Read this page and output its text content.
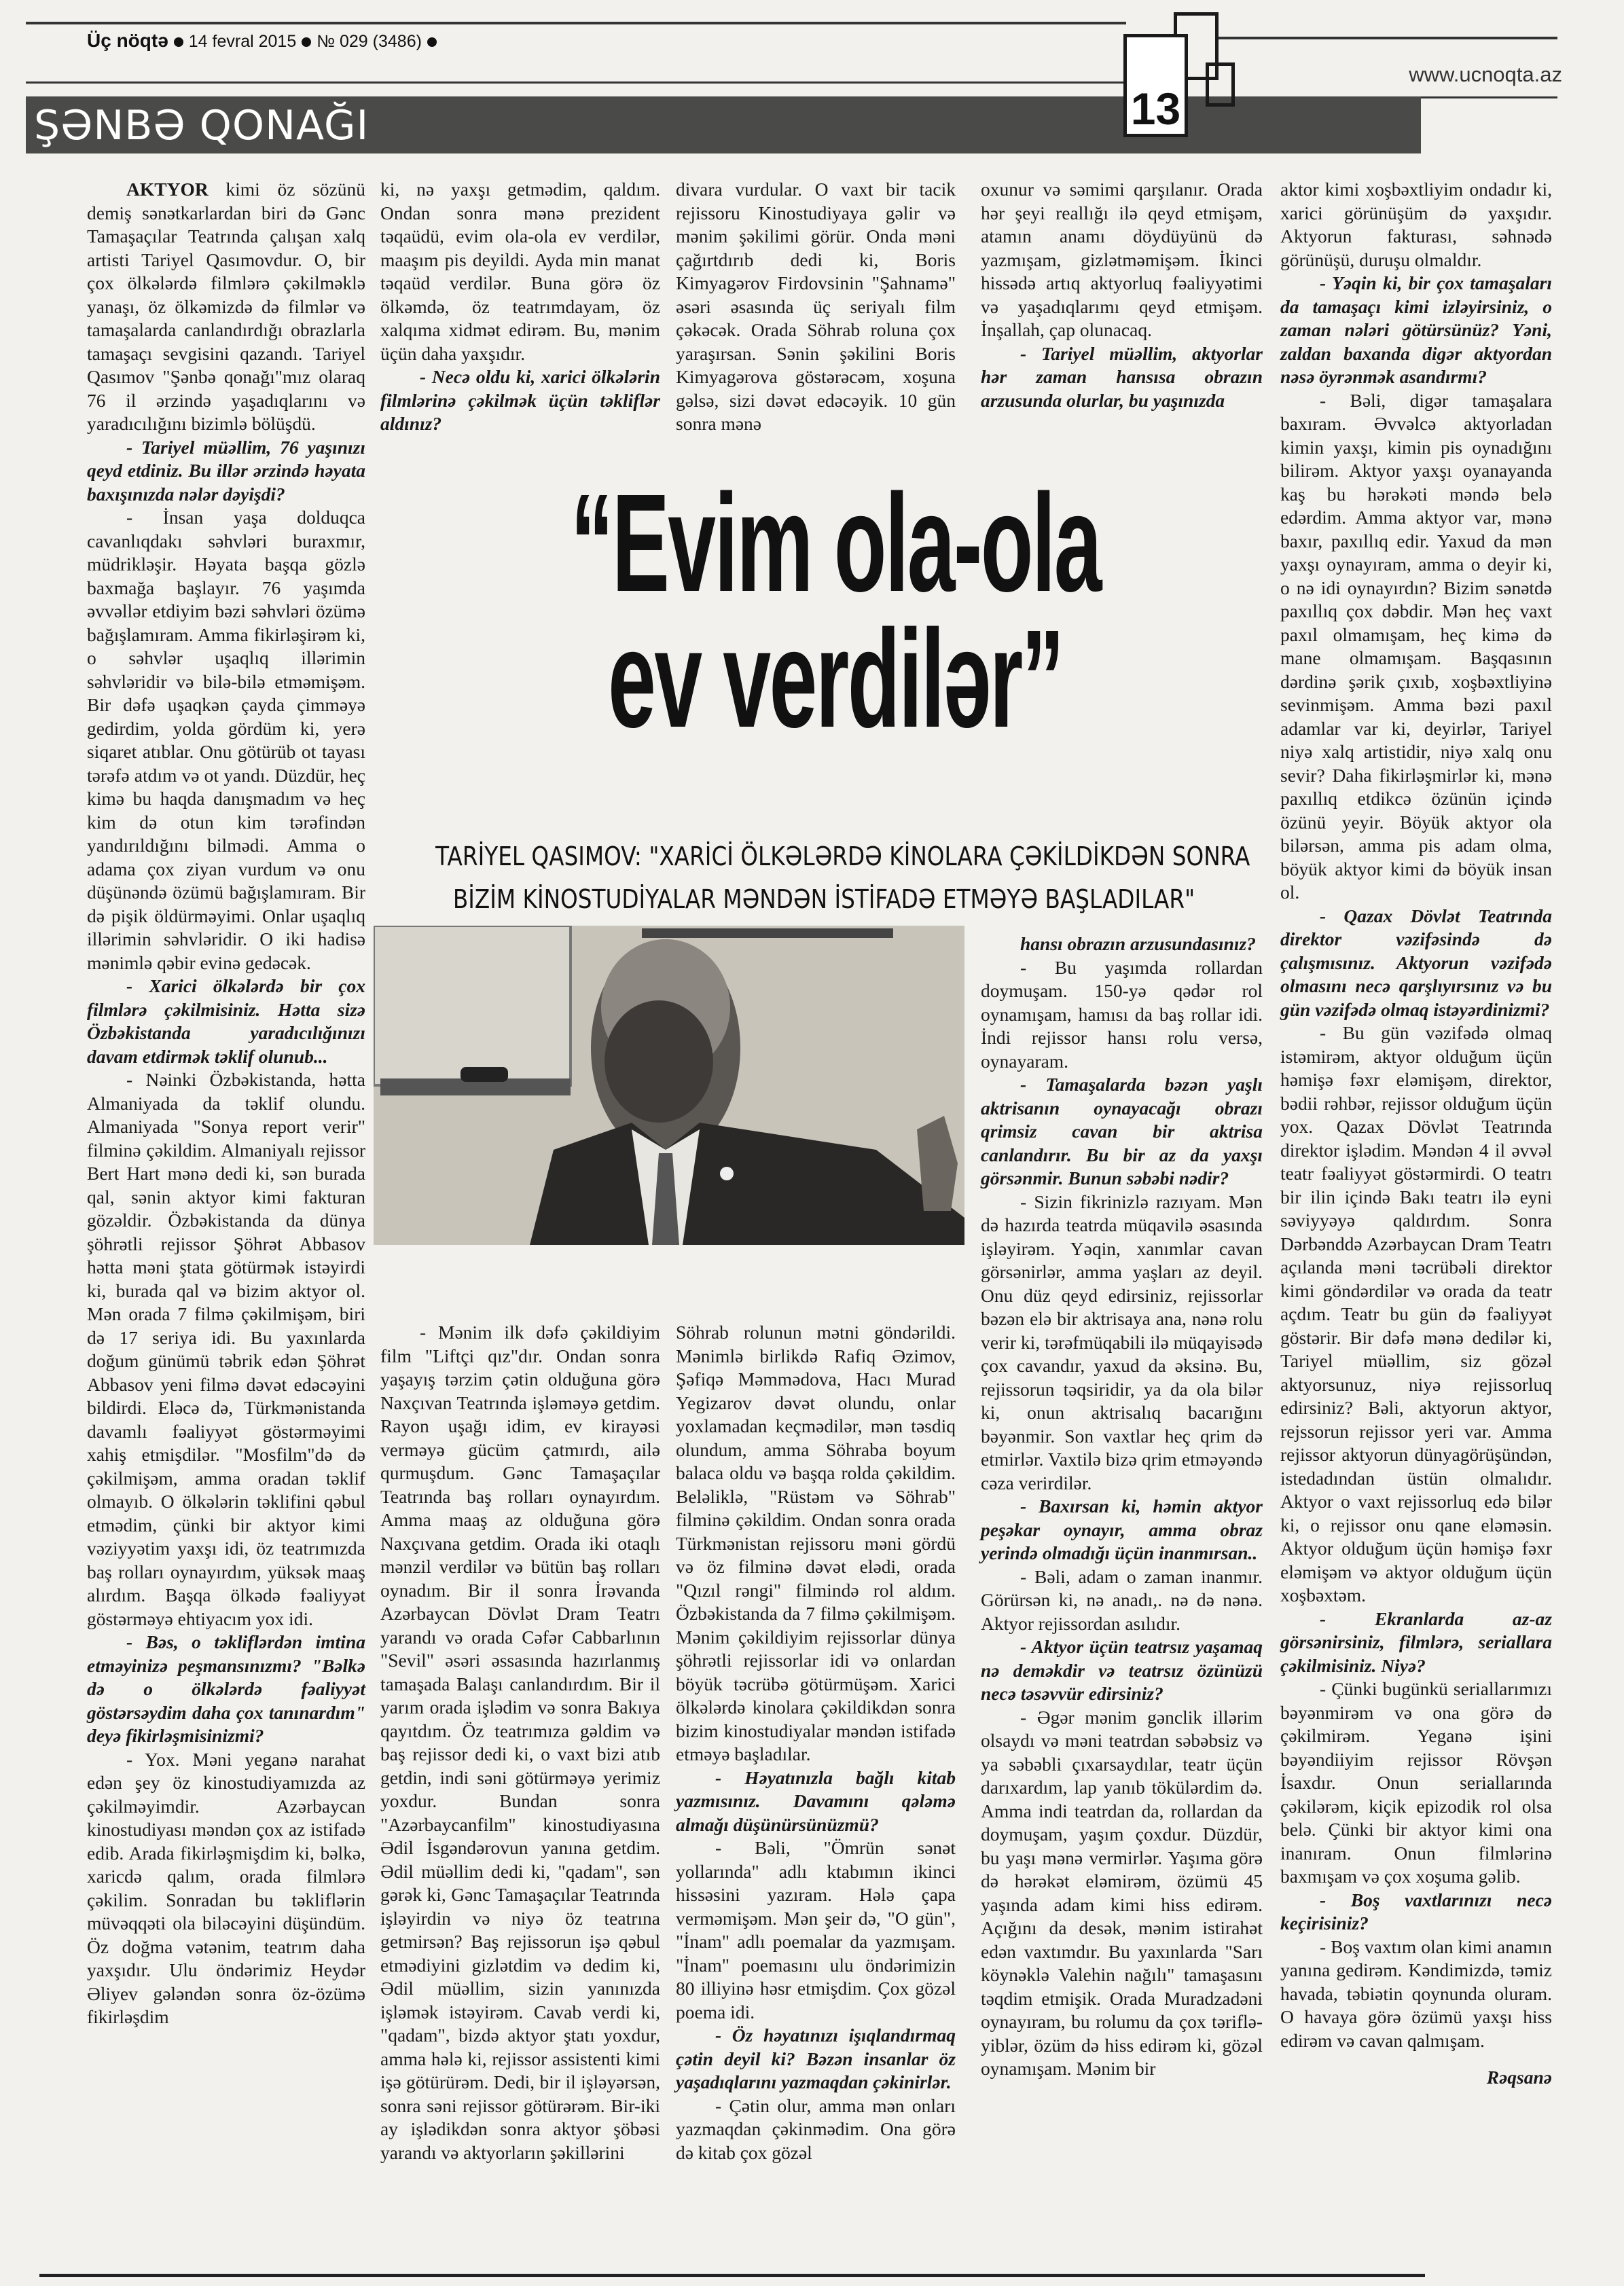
Üç nöqtə 14 fevral 2015 № 029 (3486)
www.ucnoqta.az
ŞƏNBƏ QONAĞI	13

AKTYOR kimi öz sözünü demiş sənətkarlardan biri də Gənc Tamaşaçılar Teatrında çalışan xalq artisti Tariyel Qasımovdur. O, bir çox ölkələrdə filmlərə çəkilməklə yanaşı, öz ölkəmizdə də filmlər və tamaşalarda canlandırdığı obrazlarla tamaşaçı sevgisini qazandı. Tariyel Qasımov "Şənbə qonağı"mız olaraq 76 il ərzində yaşadıqlarını və yaradıcılığını bizimlə bölüşdü.

- Tariyel müəllim, 76 yaşınızı qeyd etdiniz. Bu illər ərzində həyata baxışınızda nələr dəyişdi?

- İnsan yaşa dolduqca cavanlıqdakı səhvləri buraxmır, müdrikləşir. Həyata başqa gözlə baxmağa başlayır. 76 yaşımda əvvəllər etdiyim bəzi səhvləri özümə bağışlamıram. Amma fikirləşirəm ki, o səhvlər uşaqlıq illərimin səhvləridir və bilə-bilə etməmişəm. Bir dəfə uşaqkən çayda çimməyə gedirdim, yolda gördüm ki, yerə siqaret atıblar. Onu götürüb ot tayası tərəfə atdım və ot yandı. Düzdür, heç kimə bu haqda danışmadım və heç kim də otun kim tərəfindən yandırıldığını bilmədi. Amma o adama çox ziyan vurdum və onu düşünəndə özümü bağışlamıram. Bir də pişik öldürməyimi. Onlar uşaqlıq illərimin səhvləridir. O iki hadisə mənimlə qəbir evinə gedəcək.

- Xarici ölkələrdə bir çox filmlərə çəkilmisiniz. Hətta sizə Özbəkistanda yaradıcılığınızı davam etdirmək təklif olunub...

- Nəinki Özbəkistanda, hətta Almaniyada da təklif olundu. Almaniyada "Sonya report verir" filminə çəkildim. Almaniyalı rejissor Bert Hart mənə dedi ki, sən burada qal, sənin aktyor kimi fakturan gözəldir. Özbəkistanda da dünya şöhrətli rejissor Şöhrət Abbasov hətta məni ştata götürmək istəyirdi ki, burada qal və bizim aktyor ol. Mən orada 7 filmə çəkilmişəm, biri də 17 seriya idi. Bu yaxınlarda doğum günümü təbrik edən Şöhrət Abbasov yeni filmə dəvət edəcəyini bildirdi. Eləcə də, Türkmənistanda davamlı fəaliyyət göstərməyimi xahiş etmişdilər. "Mosfilm"də də çəkilmişəm, amma oradan təklif olmayıb. O ölkələrin təklifini qəbul etmədim, çünki bir aktyor kimi vəziyyətim yaxşı idi, öz teatrımızda baş rolları oynayırdım, yüksək maaş alırdım. Başqa ölkədə fəaliyyət göstərməyə ehtiyacım yox idi.

- Bəs, o təkliflərdən imtina etməyinizə peşmansınızmı? "Bəlkə də o ölkələrdə fəaliyyət göstərsəydim daha çox tanınardım" deyə fikirləşmisinizmi?

- Yox. Məni yeganə narahat edən şey öz kinostudiyamızda az çəkilməyimdir. Azərbaycan kinostudiyası məndən çox az istifadə edib. Arada fikirləşmişdim ki, bəlkə, xaricdə qalım, orada filmlərə çəkilim. Sonradan bu təkliflərin müvəqqəti ola biləcəyini düşündüm. Öz doğma vətənim, teatrım daha yaxşıdır. Ulu öndərimiz Heydər Əliyev gələndən sonra öz-özümə fikirləşdim

ki, nə yaxşı getmədim, qaldım. Ondan sonra mənə prezident təqaüdü, evim ola-ola ev verdilər, maaşım pis deyildi. Ayda min manat təqaüd verdilər. Buna görə öz ölkəmdə, öz teatrımdayam, öz xalqıma xidmət edirəm. Bu, mənim üçün daha yaxşıdır.

- Necə oldu ki, xarici ölkələrin filmlərinə çəkilmək üçün təkliflər aldınız?

divara vurdular. O vaxt bir tacik rejissoru Kinostudiyaya gəlir və mənim şəkilimi görür. Onda məni çağırtdırıb dedi ki, Boris Kimyagərov Firdovsinin "Şahnamə" əsəri əsasında üç seriyalı film çəkəcək. Orada Söhrab roluna çox yaraşırsan. Sənin şəkilini Boris Kimyagərova göstərəcəm, xoşuna gəlsə, sizi dəvət edəcəyik. 10 gün sonra mənə

oxunur və səmimi qarşılanır. Orada hər şeyi reallığı ilə qeyd etmişəm, atamın anamı döydüyünü də yazmışam, gizlətməmişəm. İkinci hissədə artıq aktyorluq fəaliyyətimi və yaşadıqlarımı qeyd etmişəm. İnşallah, çap olunacaq.

- Tariyel müəllim, aktyorlar hər zaman hansısa obrazın arzusunda olurlar, bu yaşınızda

“Evim ola-ola
ev verdilər”
TARİYEL QASIMOV: "XARİCİ ÖLKƏLƏRDƏ KİNOLARA ÇƏKİLDİKDƏN SONRA
BİZİM KİNOSTUDİYALAR MƏNDƏN İSTİFADƏ ETMƏYƏ BAŞLADILAR"

- Mənim ilk dəfə çəkildiyim film "Liftçi qız"dır. Ondan sonra yaşayış tərzim çətin olduğuna görə Naxçıvan Teatrında işləməyə getdim. Rayon uşağı idim, ev kirayəsi verməyə gücüm çatmırdı, ailə qurmuşdum. Gənc Tamaşaçılar Teatrında baş rolları oynayırdım. Amma maaş az olduğuna görə Naxçıvana getdim. Orada iki otaqlı mənzil verdilər və bütün baş rolları oynadım. Bir il sonra İrəvanda Azərbaycan Dövlət Dram Teatrı yarandı və orada Cəfər Cabbarlının "Sevil" əsəri əssasında hazırlanmış tamaşada Balaşı canlandırdım. Bir il yarım orada işlədim və sonra Bakıya qayıtdım. Öz teatrımıza gəldim və baş rejissor dedi ki, o vaxt bizi atıb getdin, indi səni götürməyə yerimiz yoxdur. Bundan sonra "Azərbaycanfilm" kinostudiyasına Ədil İsgəndərovun yanına getdim. Ədil müəllim dedi ki, "qadam", sən gərək ki, Gənc Tamaşaçılar Teatrında işləyirdin və niyə öz teatrına getmirsən? Baş rejissorun işə qəbul etmədiyini gizlətdim və dedim ki, Ədil müəllim, sizin yanınızda işləmək istəyirəm. Cavab verdi ki, "qadam", bizdə aktyor ştatı yoxdur, amma hələ ki, rejissor assistenti kimi işə götürürəm. Dedi, bir il işləyərsən, sonra səni rejissor götürərəm. Bir-iki ay işlədikdən sonra aktyor şöbəsi yarandı və aktyorların şəkillərini

Söhrab rolunun mətni göndərildi. Mənimlə birlikdə Rafiq Əzimov, Şəfiqə Məmmədova, Hacı Murad Yegizarov dəvət olundu, onlar yoxlamadan keçmədilər, mən təsdiq olundum, amma Söhraba boyum balaca oldu və başqa rolda çəkildim. Beləliklə, "Rüstəm və Söhrab" filminə çəkildim. Ondan sonra orada Türkmənistan rejissoru məni gördü və öz filminə dəvət elədi, orada "Qızıl rəngi" filmində rol aldım. Özbəkistanda da 7 filmə çəkilmişəm. Mənim çəkildiyim rejissorlar dünya şöhrətli rejissorlar idi və onlardan böyük təcrübə götürmüşəm. Xarici ölkələrdə kinolara çəkildikdən sonra bizim kinostudiyalar məndən istifadə etməyə başladılar.

- Həyatınızla bağlı kitab yazmısınız. Davamını qələmə almağı düşünürsünüzmü?

- Bəli, "Ömrün sənət yollarında" adlı ktabımın ikinci hissəsini yazıram. Hələ çapa verməmişəm. Mən şeir də, "O gün", "İnam" adlı poemalar da yazmışam. "İnam" poemasını ulu öndərimizin 80 illiyinə həsr etmişdim. Çox gözəl poema idi.

- Öz həyatınızı işıqlandırmaq çətin deyil ki? Bəzən insanlar öz yaşadıqlarını yazmaqdan çəkinirlər.

- Çətin olur, amma mən onları yazmaqdan çəkinmədim. Ona görə də kitab çox gözəl

hansı obrazın arzusundasınız?

- Bu yaşımda rollardan doymuşam. 150-yə qədər rol oynamışam, hamısı da baş rollar idi. İndi rejissor hansı rolu versə, oynayaram.

- Tamaşalarda bəzən yaşlı aktrisanın oynayacağı obrazı qrimsiz cavan bir aktrisa canlandırır. Bu bir az da yaxşı görsənmir. Bunun səbəbi nədir?

- Sizin fikrinizlə razıyam. Mən də hazırda teatrda müqavilə əsasında işləyirəm. Yəqin, xanımlar cavan görsənirlər, amma yaşları az deyil. Onu düz qeyd edirsiniz, rejissorlar bəzən elə bir aktrisaya ana, nənə rolu verir ki, tərəfmüqabili ilə müqayisədə çox cavandır, yaxud da əksinə. Bu, rejissorun təqsiridir, ya da ola bilər ki, onun aktrisalıq bacarığını bəyənmir. Son vaxtlar heç qrim də etmirlər. Vaxtilə bizə qrim etməyəndə cəza verirdilər.

- Baxırsan ki, həmin aktyor peşəkar oynayır, amma obraz yerində olmadığı üçün inanmırsan..

- Bəli, adam o zaman inanmır. Görürsən ki, nə anadı,. nə də nənə. Aktyor rejissordan asılıdır.

- Aktyor üçün teatrsız yaşamaq nə deməkdir və teatrsız özünüzü necə təsəvvür edirsiniz?

- Əgər mənim gənclik illərim olsaydı və məni teatrdan səbəbsiz və ya səbəbli çıxarsaydılar, teatr üçün darıxardım, lap yanıb tökülərdim də. Amma indi teatrdan da, rollardan da doymuşam, yaşım çoxdur. Düzdür, bu yaşı mənə vermirlər. Yaşıma görə də hərəkət eləmirəm, özümü 45 yaşında adam kimi hiss edirəm. Açığını da desək, mənim istirahət edən vaxtımdır. Bu yaxınlarda "Sarı köynəklə Valehin nağılı" tamaşasını təqdim etmişik. Orada Muradzadəni oynayıram, bu rolumu da çox təriflə- yiblər, özüm də hiss edirəm ki, gözəl oynamışam. Mənim bir

aktor kimi xoşbəxtliyim ondadır ki, xarici görünüşüm də yaxşıdır. Aktyorun fakturası, səhnədə görünüşü, duruşu olmaldır.

- Yəqin ki, bir çox tamaşaları da tamaşaçı kimi izləyirsiniz, o zaman nələri götürsünüz? Yəni, zaldan baxanda digər aktyordan nəsə öyrənmək asandırmı?

- Bəli, digər tamaşalara baxıram. Əvvəlcə aktyorladan kimin yaxşı, kimin pis oynadığını bilirəm. Aktyor yaxşı oyanayanda kaş bu hərəkəti məndə belə edərdim. Amma aktyor var, mənə baxır, paxıllıq edir. Yaxud da mən yaxşı oynayıram, amma o deyir ki, o nə idi oynayırdın? Bizim sənətdə paxıllıq çox dəbdir. Mən heç vaxt paxıl olmamışam, heç kimə də mane olmamışam. Başqasının dərdinə şərik çıxıb, xoşbəxtliyinə sevinmişəm. Amma bəzi paxıl adamlar var ki, deyirlər, Tariyel niyə xalq artistidir, niyə xalq onu sevir? Daha fikirləşmirlər ki, mənə paxıllıq etdikcə özünün içində özünü yeyir. Böyük aktyor ola bilərsən, amma pis adam olma, böyük aktyor kimi də böyük insan ol.

- Qazax Dövlət Teatrında direktor vəzifəsində də çalışmısınız. Aktyorun vəzifədə olmasını necə qarşlıyırsınız və bu gün vəzifədə olmaq istəyərdinizmi?

- Bu gün vəzifədə olmaq istəmirəm, aktyor olduğum üçün həmişə fəxr eləmişəm, direktor, bədii rəhbər, rejissor olduğum üçün yox. Qazax Dövlət Teatrında direktor işlədim. Məndən 4 il əvvəl teatr fəaliyyət göstərmirdi. O teatrı bir ilin içində Bakı teatrı ilə eyni səviyyəyə qaldırdım. Sonra Dərbənddə Azərbaycan Dram Teatrı açılanda məni təcrübəli direktor kimi göndərdilər və orada da teatr açdım. Teatr bu gün də fəaliyyət göstərir. Bir dəfə mənə dedilər ki, Tariyel müəllim, siz gözəl aktyorsunuz, niyə rejissorluq edirsiniz? Bəli, aktyorun aktyor, rejssorun rejissor yeri var. Amma rejissor aktyorun dünyagörüşündən, istedadından üstün olmalıdır. Aktyor o vaxt rejissorluq edə bilər ki, o rejissor onu qane eləməsin. Aktyor olduğum üçün həmişə fəxr eləmişəm və aktyor olduğum üçün xoşbəxtəm.

- Ekranlarda az-az görsənirsiniz, filmlərə, seriallara çəkilmisiniz. Niyə?

- Çünki bugünkü seriallarımızı bəyənmirəm və ona görə də çəkilmirəm. Yeganə işini bəyəndiiyim rejissor Rövşən İsaxdır. Onun seriallarında çəkilərəm, kiçik epizodik rol olsa belə. Çünki bir aktyor kimi ona inanıram. Onun filmlərinə baxmışam və çox xoşuma gəlib.

- Boş vaxtlarınızı necə keçirisiniz?

- Boş vaxtım olan kimi anamın yanına gedirəm. Kəndimizdə, təmiz havada, təbiətin qoynunda oluram. O havaya görə özümü yaxşı hiss edirəm və cavan qalmışam.

Rəqsanə
